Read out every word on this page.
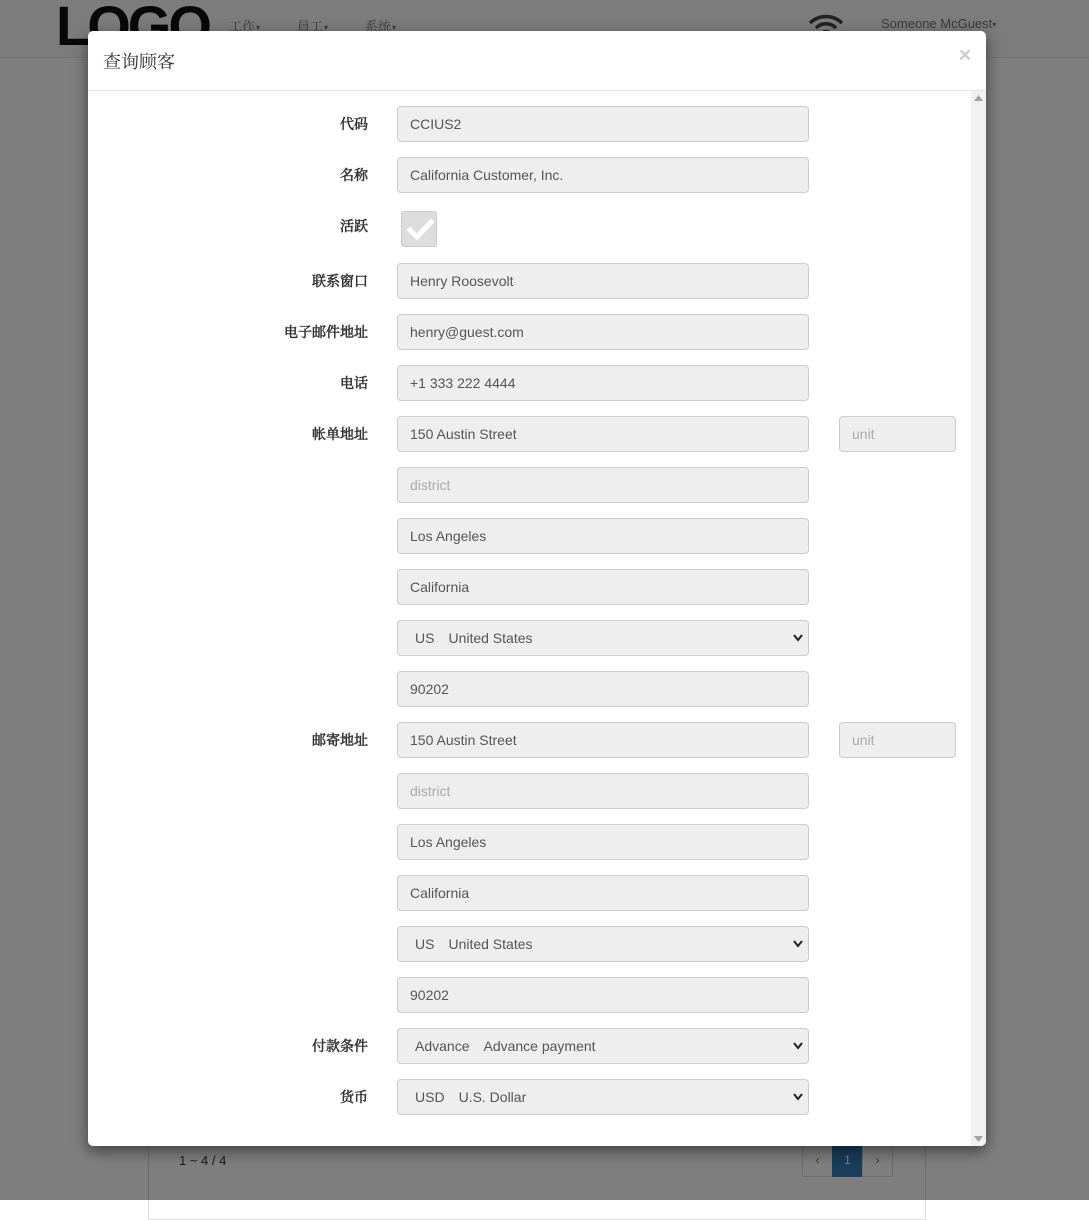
查询顾客	×
代码	CCIUS2
名称	California Customer, Inc.
活跃
联系窗口	Henry Roosevolt
电子邮件地址	henry@guest.com
电话	+1 333 222 4444
帐单地址	150 Austin Street	unit
district
Los Angeles
California
US United States
90202
邮寄地址	150 Austin Street	unit
district
Los Angeles
California
US United States
90202
付款条件	Advance Advance payment
货币	USD U.S. Dollar
